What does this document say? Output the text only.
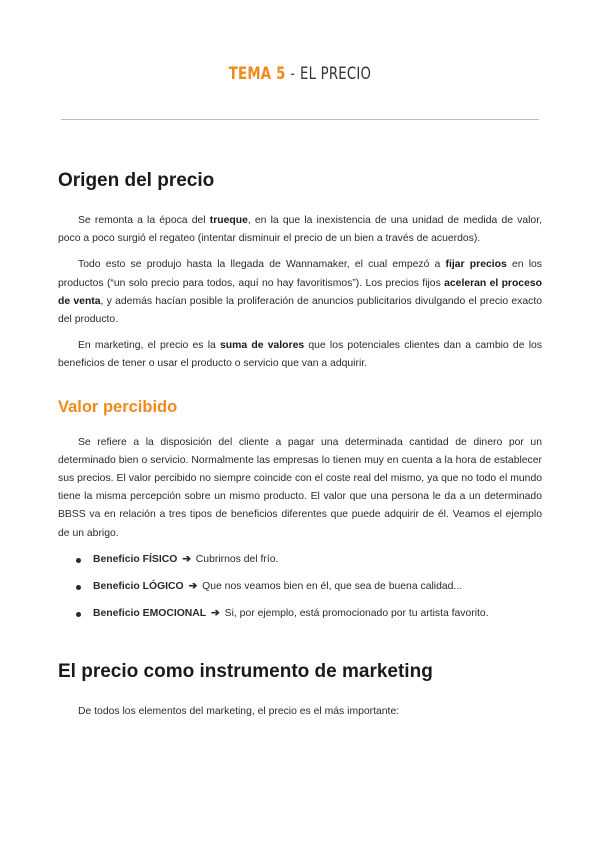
TEMA 5 - EL PRECIO
Origen del precio

Se remonta a la época del trueque, en la que la inexistencia de una unidad de medida de valor, poco a poco surgió el regateo (intentar disminuir el precio de un bien a través de acuerdos).

Todo esto se produjo hasta la llegada de Wannamaker, el cual empezó a fijar precios en los productos (“un solo precio para todos, aquí no hay favoritismos”). Los precios fijos aceleran el proceso de venta, y además hacían posible la proliferación de anuncios publicitarios divulgando el precio exacto del producto.

En marketing, el precio es la suma de valores que los potenciales clientes dan a cambio de los beneficios de tener o usar el producto o servicio que van a adquirir.

Valor percibido

Se refiere a la disposición del cliente a pagar una determinada cantidad de dinero por un determinado bien o servicio. Normalmente las empresas lo tienen muy en cuenta a la hora de establecer sus precios. El valor percibido no siempre coincide con el coste real del mismo, ya que no todo el mundo tiene la misma percepción sobre un mismo producto. El valor que una persona le da a un determinado BBSS va en relación a tres tipos de beneficios diferentes que puede adquirir de él. Veamos el ejemplo de un abrigo.

Beneficio FÍSICO ➔ Cubrirnos del frío.
Beneficio LÓGICO ➔ Que nos veamos bien en él, que sea de buena calidad...
Beneficio EMOCIONAL ➔ Si, por ejemplo, está promocionado por tu artista favorito.
El precio como instrumento de marketing

De todos los elementos del marketing, el precio es el más importante:
